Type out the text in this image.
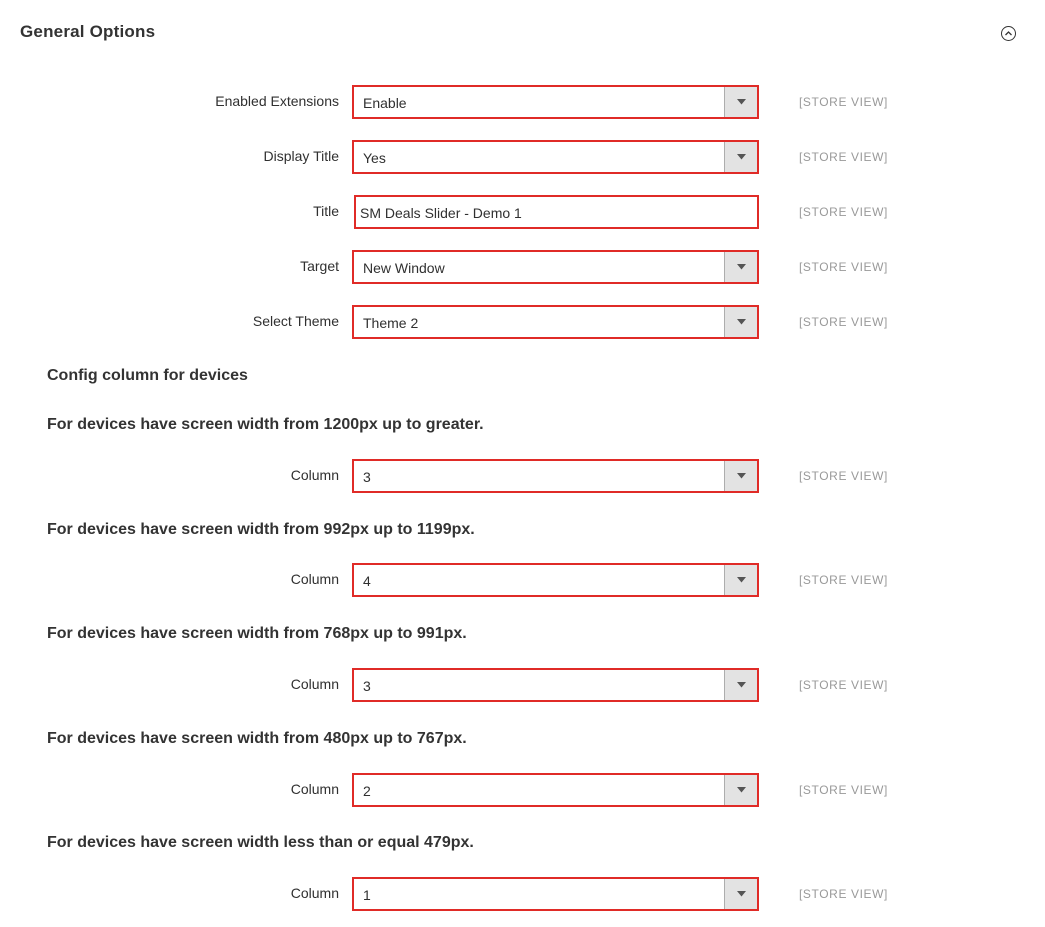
General Options
Enabled Extensions Enable	[STORE VIEW]
Display Title Yes	[STORE VIEW]
Title SM Deals Slider - Demo 1	[STORE VIEW]
Target New Window	[STORE VIEW]
Select Theme Theme 2	[STORE VIEW]
Config column for devices
For devices have screen width from 1200px up to greater.
Column 3	[STORE VIEW]
For devices have screen width from 992px up to 1199px.
Column 4	[STORE VIEW]
For devices have screen width from 768px up to 991px.
Column 3	[STORE VIEW]
For devices have screen width from 480px up to 767px.
Column 2	[STORE VIEW]
For devices have screen width less than or equal 479px.
Column 1	[STORE VIEW]
